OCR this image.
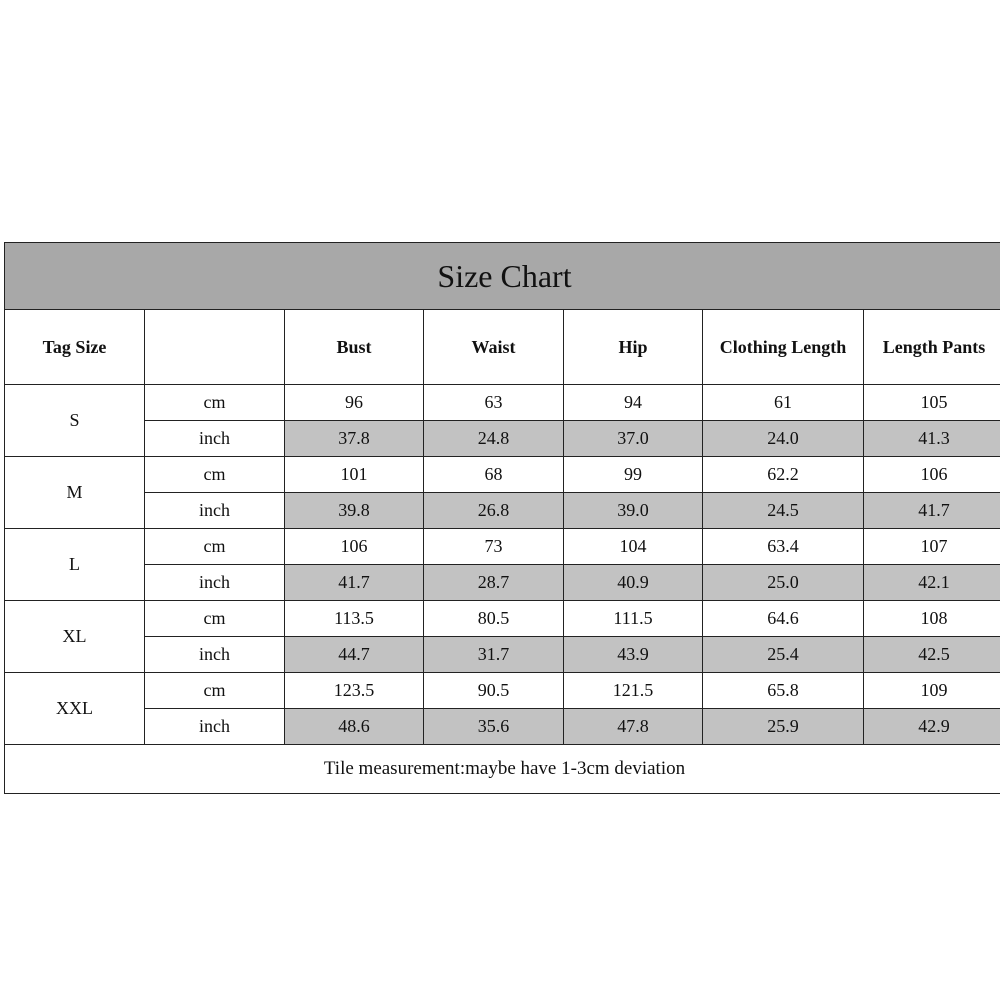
Size Chart						
Tag Size		Bust	Waist	Hip	Clothing Length	Length Pants
S	cm	96	63	94	61	105
	inch	37.8	24.8	37.0	24.0	41.3
M	cm	101	68	99	62.2	106
	inch	39.8	26.8	39.0	24.5	41.7
L	cm	106	73	104	63.4	107
	inch	41.7	28.7	40.9	25.0	42.1
XL	cm	113.5	80.5	111.5	64.6	108
	inch	44.7	31.7	43.9	25.4	42.5
XXL	cm	123.5	90.5	121.5	65.8	109
	inch	48.6	35.6	47.8	25.9	42.9
Tile measurement:maybe have 1-3cm deviation						
